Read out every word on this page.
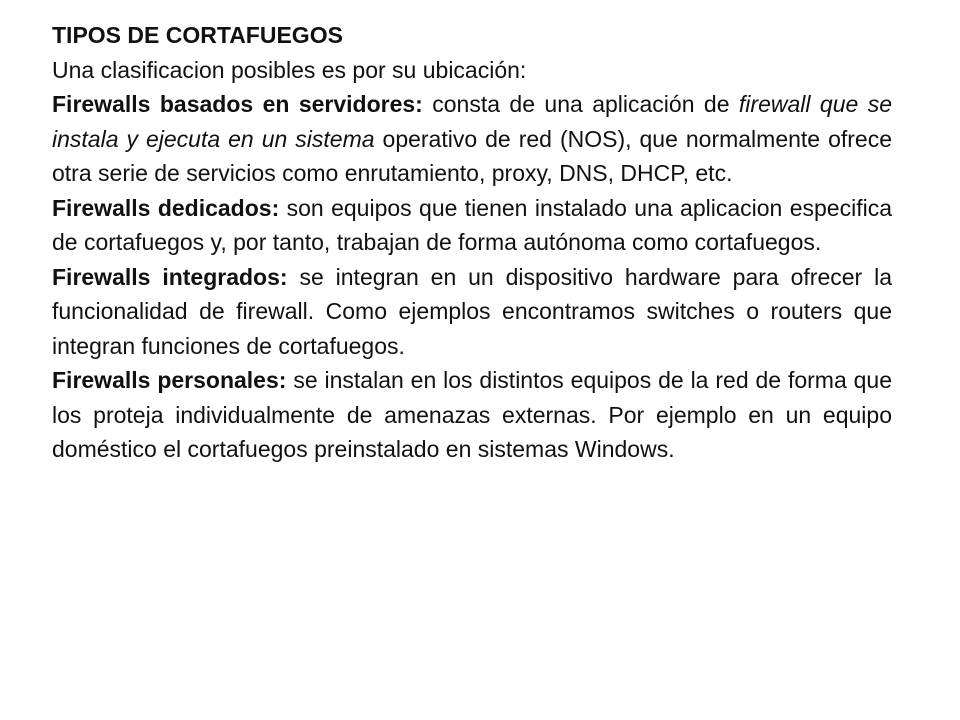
TIPOS DE CORTAFUEGOS

Una clasificacion posibles es por su ubicación:

Firewalls basados en servidores: consta de una aplicación de firewall que se instala y ejecuta en un sistema operativo de red (NOS), que normalmente ofrece otra serie de servicios como enrutamiento, proxy, DNS, DHCP, etc.

Firewalls dedicados: son equipos que tienen instalado una aplicacion especifica de cortafuegos y, por tanto, trabajan de forma autónoma como cortafuegos.

Firewalls integrados: se integran en un dispositivo hardware para ofrecer la funcionalidad de firewall. Como ejemplos encontramos switches o routers que integran funciones de cortafuegos.

Firewalls personales: se instalan en los distintos equipos de la red de forma que los proteja individualmente de amenazas externas. Por ejemplo en un equipo doméstico el cortafuegos preinstalado en sistemas Windows.
